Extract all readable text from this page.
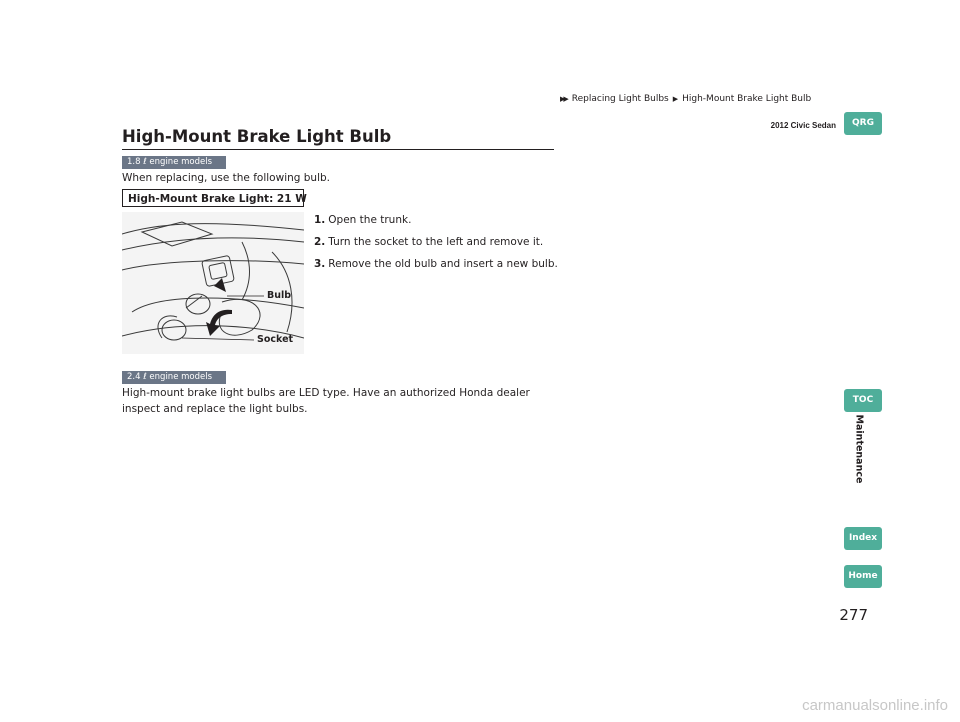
▶▶ Replacing Light Bulbs ▶ High-Mount Brake Light Bulb
2012 Civic Sedan
High-Mount Brake Light Bulb
1.8 ℓ engine models
When replacing, use the following bulb.
High-Mount Brake Light: 21 W
Bulb
Socket
1. Open the trunk.
2. Turn the socket to the left and remove it.
3. Remove the old bulb and insert a new bulb.
2.4 ℓ engine models
High-mount brake light bulbs are LED type. Have an authorized Honda dealer inspect and replace the light bulbs.
QRG
TOC
Maintenance
Index
Home
277
carmanualsonline.info
